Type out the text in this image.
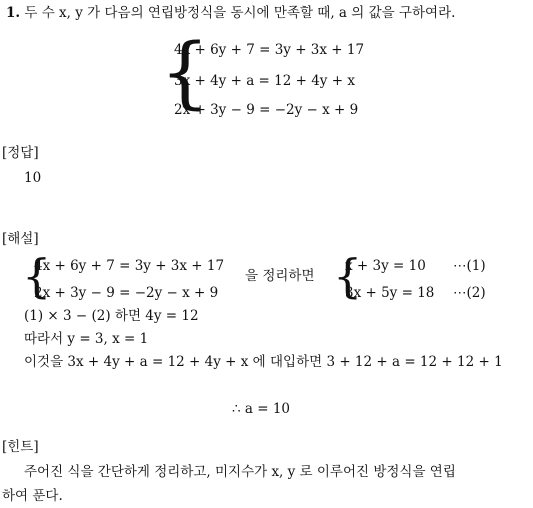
1. 두 수 x, y 가 다음의 연립방정식을 동시에 만족할 때, a 의 값을 구하여라.
{
4x + 6y + 7 = 3y + 3x + 17
3x + 4y + a = 12 + 4y + x
2x + 3y − 9 = −2y − x + 9
[정답]
10
[해설]
{
4x + 6y + 7 = 3y + 3x + 17
2x + 3y − 9 = −2y − x + 9
을 정리하면 {
x + 3y = 10 ⋯(1)
3x + 5y = 18 ⋯(2)
(1) × 3 − (2) 하면 4y = 12
따라서 y = 3, x = 1
이것을 3x + 4y + a = 12 + 4y + x 에 대입하면 3 + 12 + a = 12 + 12 + 1
∴ a = 10
[힌트]
주어진 식을 간단하게 정리하고, 미지수가 x, y 로 이루어진 방정식을 연립
하여 푼다.
